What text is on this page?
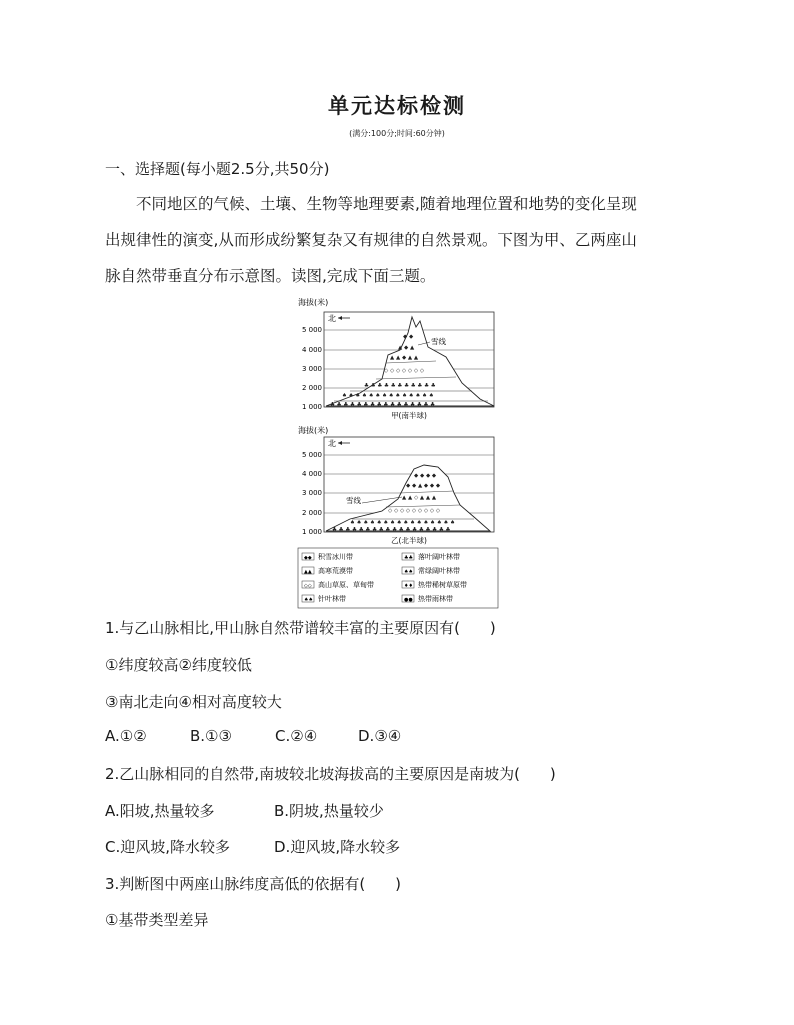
单元达标检测
(满分:100分;时间:60分钟)
一、选择题(每小题2.5分,共50分)
不同地区的气候、土壤、生物等地理要素,随着地理位置和地势的变化呈现
出规律性的演变,从而形成纷繁复杂又有规律的自然景观。下图为甲、乙两座山
脉自然带垂直分布示意图。读图,完成下面三题。
海拔(米)
1 000
2 000
3 000
4 000
5 000
北
◆ ◆
▲ ◆ ▲
▲ ▲ ◆ ▲ ▲
◇ ◇ ◇ ◇ ◇ ◇ ◇
♣ ♣ ♣ ♣ ♣ ♣ ♣ ♣ ♣ ♣ ♣
♠ ♠ ♠ ♠ ♠ ♠ ♠ ♠ ♠ ♠ ♠ ♠ ♠ ♠
♣ ♣ ♣ ♣ ♣ ♣ ♣ ♣ ♣ ♣ ♣ ♣ ♣ ♣ ♣ ♣
雪线
甲(南半球)
海拔(米)
1 000
2 000
3 000
4 000
5 000
北
◆ ◆ ◆ ◆
◆ ◆ ▲ ◆ ◆ ◆
▲ ▲ ◇ ▲ ▲ ▲
◇ ◇ ◇ ◇ ◇ ◇ ◇ ◇ ◇
♠ ♠ ♠ ♠ ♠ ♠ ♠ ♠ ♠ ♠ ♠ ♠ ♠ ♠ ♠ ♠
♣ ♣ ♣ ♣ ♣ ♣ ♣ ♣ ♣ ♣ ♣ ♣ ♣ ♣ ♣ ♣ ♣ ♣
雪线
乙(北半球)
◆◆ 积雪冰川带	♣♣ 落叶阔叶林带
▲▲ 高寒荒漠带	♠♠ 常绿阔叶林带
◇◇ 高山草原、草甸带	♦♦ 热带稀树草原带
♠♠ 针叶林带	●● 热带雨林带
1.与乙山脉相比,甲山脉自然带谱较丰富的主要原因有(　　)
①纬度较高②纬度较低
③南北走向④相对高度较大
A.①②	B.①③	C.②④	D.③④
2.乙山脉相同的自然带,南坡较北坡海拔高的主要原因是南坡为(　　)
A.阳坡,热量较多	B.阴坡,热量较少
C.迎风坡,降水较多	D.迎风坡,降水较多
3.判断图中两座山脉纬度高低的依据有(　　)
①基带类型差异
